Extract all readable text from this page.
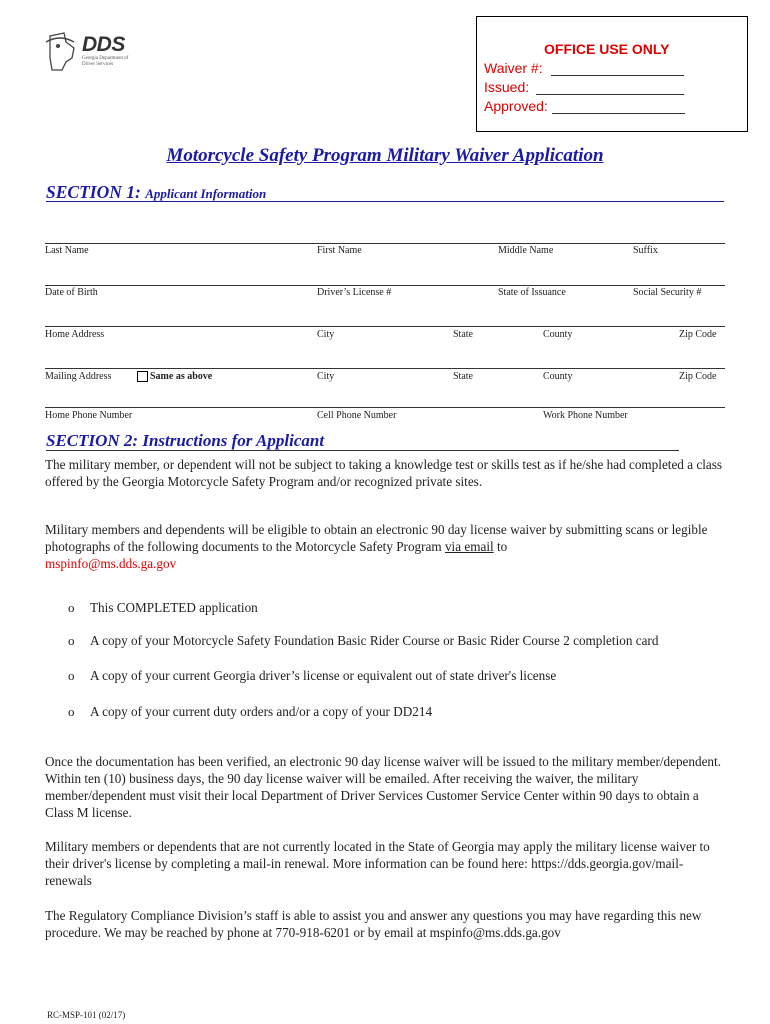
DDS
Georgia Department of Driver Services
OFFICE USE ONLY
Waiver #:
Issued:
Approved:
Motorcycle Safety Program Military Waiver Application
SECTION 1: Applicant Information
Last Name	First Name	Middle Name	Suffix
Date of Birth	Driver’s License #	State of Issuance	Social Security #
Home Address	City	State	County	Zip Code
Mailing Address	Same as above	City	State	County	Zip Code
Home Phone Number	Cell Phone Number	Work Phone Number
SECTION 2: Instructions for Applicant
The military member, or dependent will not be subject to taking a knowledge test or skills test as if he/she had completed a class offered by the Georgia Motorcycle Safety Program and/or recognized private sites.
Military members and dependents will be eligible to obtain an electronic 90 day license waiver by submitting scans or legible photographs of the following documents to the Motorcycle Safety Program via email to
mspinfo@ms.dds.ga.gov
o This COMPLETED application
o A copy of your Motorcycle Safety Foundation Basic Rider Course or Basic Rider Course 2 completion card
o A copy of your current Georgia driver’s license or equivalent out of state driver's license
o A copy of your current duty orders and/or a copy of your DD214
Once the documentation has been verified, an electronic 90 day license waiver will be issued to the military member/dependent. Within ten (10) business days, the 90 day license waiver will be emailed. After receiving the waiver, the military member/dependent must visit their local Department of Driver Services Customer Service Center within 90 days to obtain a Class M license.
Military members or dependents that are not currently located in the State of Georgia may apply the military license waiver to their driver's license by completing a mail-in renewal. More information can be found here: https://dds.georgia.gov/mail-renewals
The Regulatory Compliance Division’s staff is able to assist you and answer any questions you may have regarding this new procedure. We may be reached by phone at 770-918-6201 or by email at mspinfo@ms.dds.ga.gov
RC-MSP-101 (02/17)
